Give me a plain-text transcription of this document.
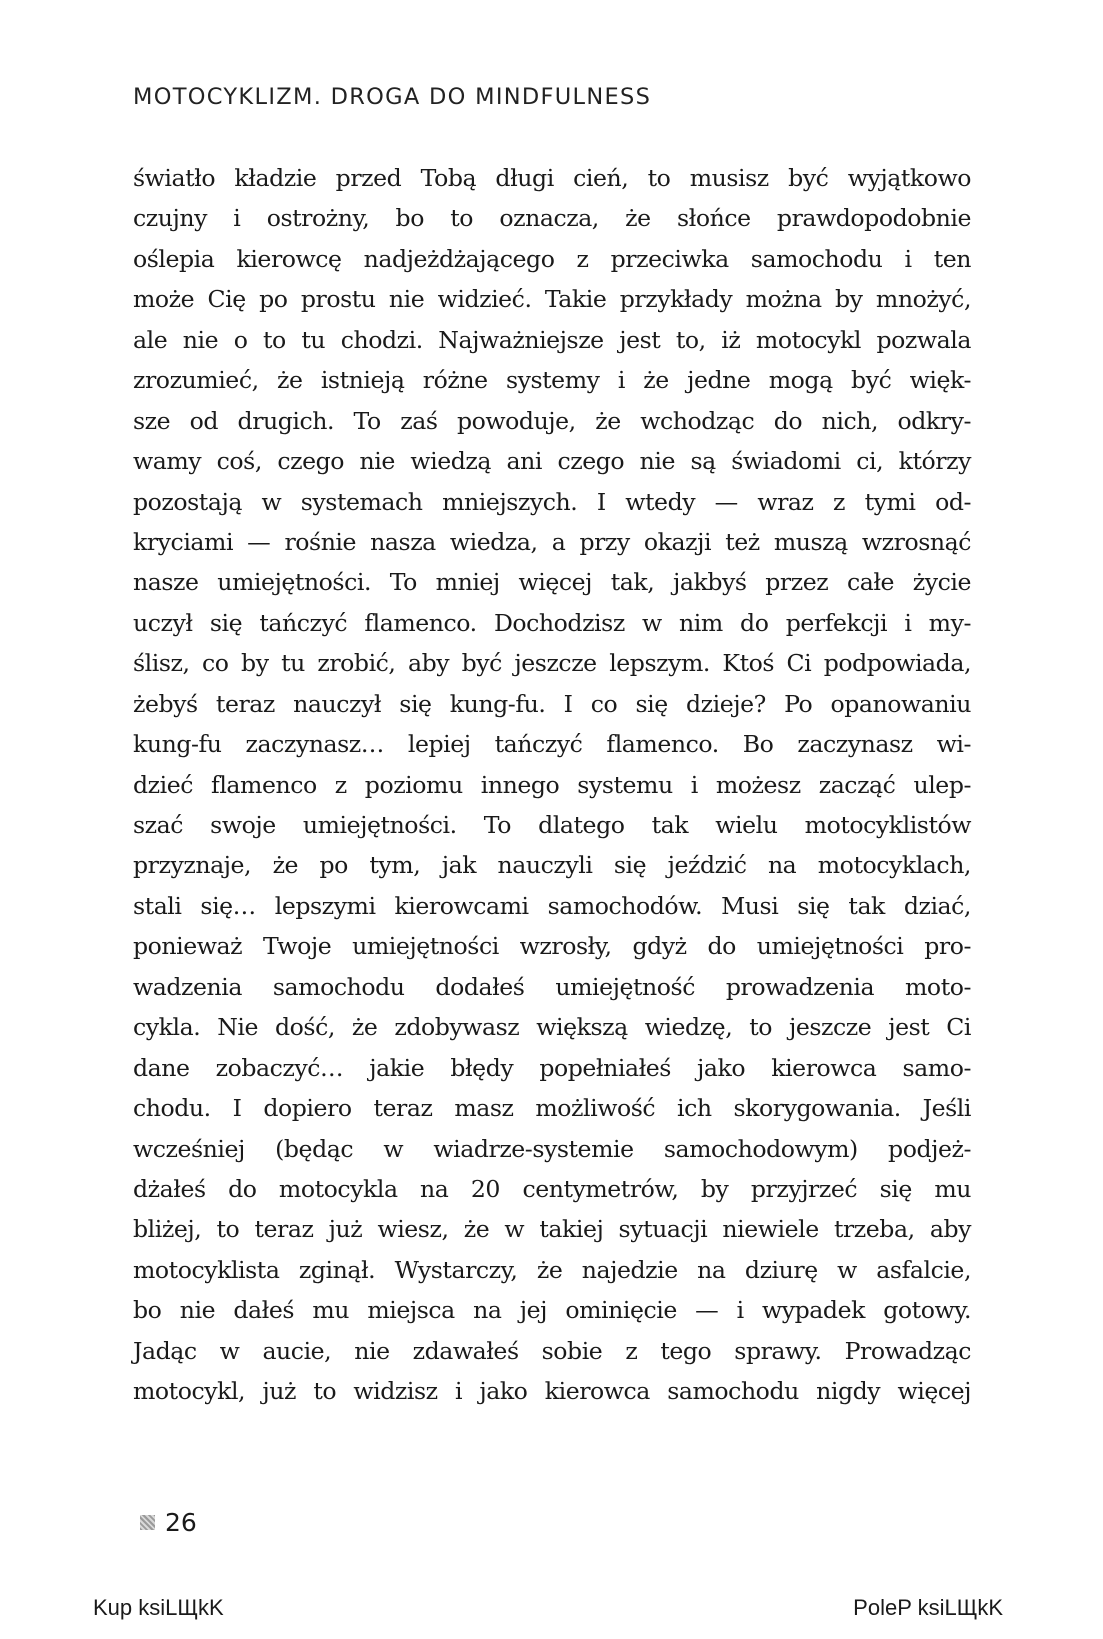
MOTOCYKLIZM. DROGA DO MINDFULNESS
światło kładzie przed Tobą długi cień, to musisz być wyjątkowo
czujny i ostrożny, bo to oznacza, że słońce prawdopodobnie
oślepia kierowcę nadjeżdżającego z przeciwka samochodu i ten
może Cię po prostu nie widzieć. Takie przykłady można by mnożyć,
ale nie o to tu chodzi. Najważniejsze jest to, iż motocykl pozwala
zrozumieć, że istnieją różne systemy i że jedne mogą być więk-
sze od drugich. To zaś powoduje, że wchodząc do nich, odkry-
wamy coś, czego nie wiedzą ani czego nie są świadomi ci, którzy
pozostają w systemach mniejszych. I wtedy — wraz z tymi od-
kryciami — rośnie nasza wiedza, a przy okazji też muszą wzrosnąć
nasze umiejętności. To mniej więcej tak, jakbyś przez całe życie
uczył się tańczyć flamenco. Dochodzisz w nim do perfekcji i my-
ślisz, co by tu zrobić, aby być jeszcze lepszym. Ktoś Ci podpowiada,
żebyś teraz nauczył się kung-fu. I co się dzieje? Po opanowaniu
kung-fu zaczynasz… lepiej tańczyć flamenco. Bo zaczynasz wi-
dzieć flamenco z poziomu innego systemu i możesz zacząć ulep-
szać swoje umiejętności. To dlatego tak wielu motocyklistów
przyznaje, że po tym, jak nauczyli się jeździć na motocyklach,
stali się… lepszymi kierowcami samochodów. Musi się tak dziać,
ponieważ Twoje umiejętności wzrosły, gdyż do umiejętności pro-
wadzenia samochodu dodałeś umiejętność prowadzenia moto-
cykla. Nie dość, że zdobywasz większą wiedzę, to jeszcze jest Ci
dane zobaczyć… jakie błędy popełniałeś jako kierowca samo-
chodu. I dopiero teraz masz możliwość ich skorygowania. Jeśli
wcześniej (będąc w wiadrze-systemie samochodowym) podjeż-
dżałeś do motocykla na 20 centymetrów, by przyjrzeć się mu
bliżej, to teraz już wiesz, że w takiej sytuacji niewiele trzeba, aby
motocyklista zginął. Wystarczy, że najedzie na dziurę w asfalcie,
bo nie dałeś mu miejsca na jej ominięcie — i wypadek gotowy.
Jadąc w aucie, nie zdawałeś sobie z tego sprawy. Prowadząc
motocykl, już to widzisz i jako kierowca samochodu nigdy więcej
26
Kup ksiLЩkK	PoleP ksiLЩkK
